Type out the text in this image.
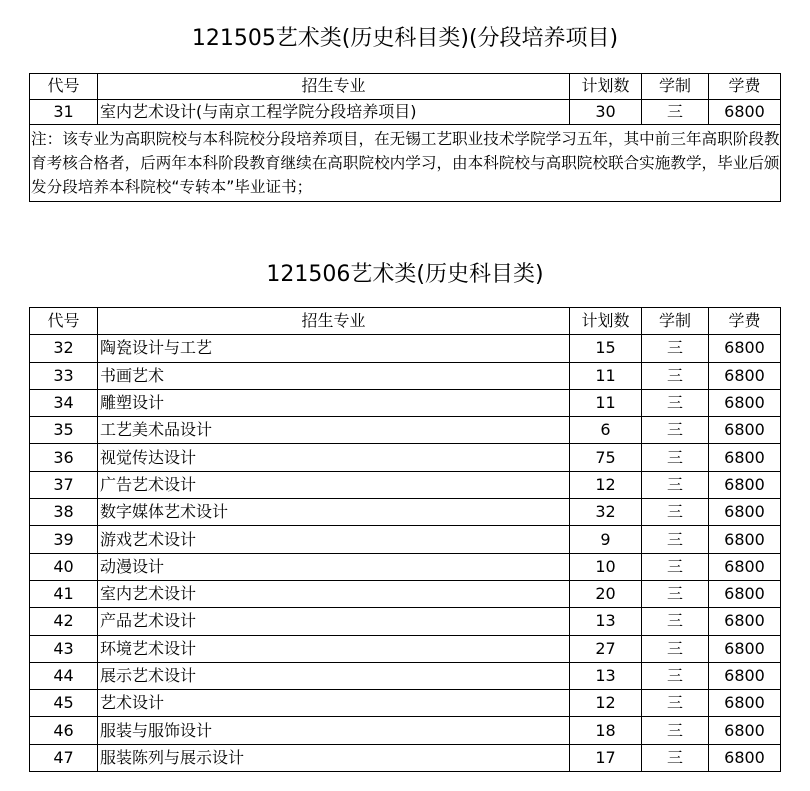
121505艺术类(历史科目类)(分段培养项目)
代号	招生专业	计划数	学制	学费
31	室内艺术设计(与南京工程学院分段培养项目)	30	三	6800
注：该专业为高职院校与本科院校分段培养项目，在无锡工艺职业技术学院学习五年，其中前三年高职阶段教育考核合格者，后两年本科阶段教育继续在高职院校内学习，由本科院校与高职院校联合实施教学，毕业后颁发分段培养本科院校“专转本”毕业证书；				
121506艺术类(历史科目类)
代号	招生专业	计划数	学制	学费
32	陶瓷设计与工艺	15	三	6800
33	书画艺术	11	三	6800
34	雕塑设计	11	三	6800
35	工艺美术品设计	6	三	6800
36	视觉传达设计	75	三	6800
37	广告艺术设计	12	三	6800
38	数字媒体艺术设计	32	三	6800
39	游戏艺术设计	9	三	6800
40	动漫设计	10	三	6800
41	室内艺术设计	20	三	6800
42	产品艺术设计	13	三	6800
43	环境艺术设计	27	三	6800
44	展示艺术设计	13	三	6800
45	艺术设计	12	三	6800
46	服装与服饰设计	18	三	6800
47	服装陈列与展示设计	17	三	6800
